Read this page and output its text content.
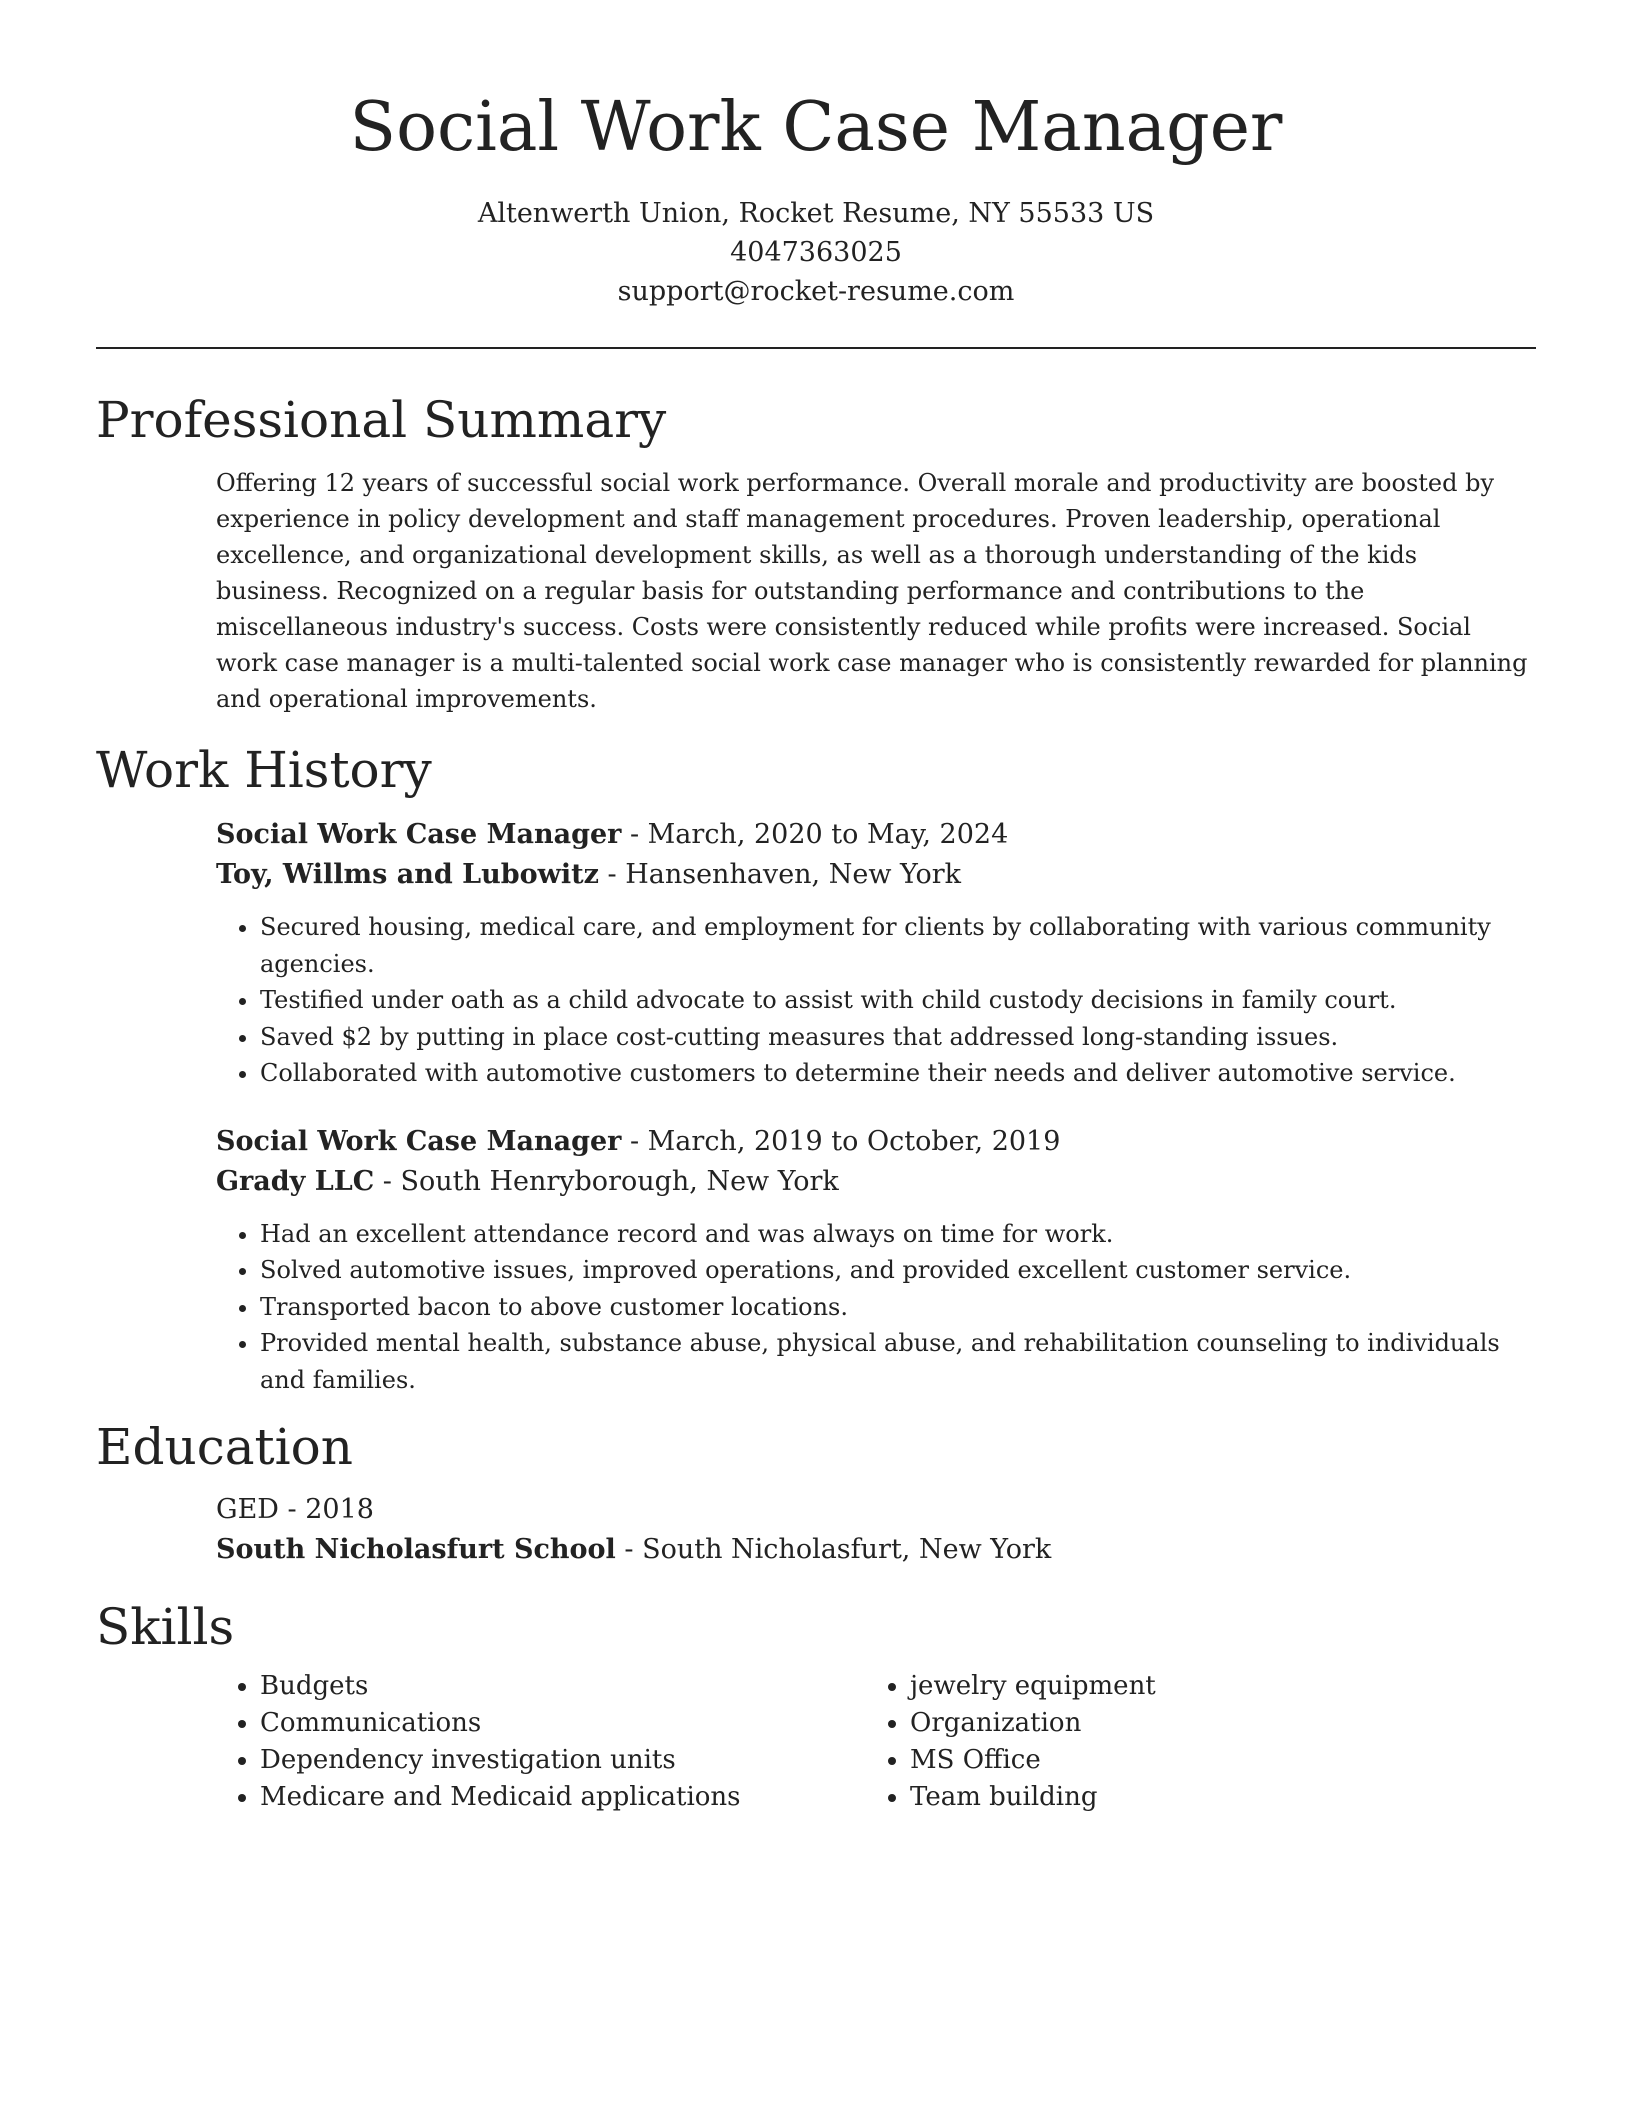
Social Work Case Manager
Altenwerth Union, Rocket Resume, NY 55533 US
4047363025
support@rocket-resume.com
Professional Summary

Offering 12 years of successful social work performance. Overall morale and productivity are boosted by experience in policy development and staff management procedures. Proven leadership, operational excellence, and organizational development skills, as well as a thorough understanding of the kids business. Recognized on a regular basis for outstanding performance and contributions to the miscellaneous industry's success. Costs were consistently reduced while profits were increased. Social work case manager is a multi-talented social work case manager who is consistently rewarded for planning and operational improvements.

Work History
Social Work Case Manager - March, 2020 to May, 2024
Toy, Willms and Lubowitz - Hansenhaven, New York
• Secured housing, medical care, and employment for clients by collaborating with various community agencies.
• Testified under oath as a child advocate to assist with child custody decisions in family court.
• Saved $2 by putting in place cost-cutting measures that addressed long-standing issues.
• Collaborated with automotive customers to determine their needs and deliver automotive service.
Social Work Case Manager - March, 2019 to October, 2019
Grady LLC - South Henryborough, New York
• Had an excellent attendance record and was always on time for work.
• Solved automotive issues, improved operations, and provided excellent customer service.
• Transported bacon to above customer locations.
• Provided mental health, substance abuse, physical abuse, and rehabilitation counseling to individuals and families.
Education
GED - 2018
South Nicholasfurt School - South Nicholasfurt, New York
Skills
• Budgets
• Communications
• Dependency investigation units
• Medicare and Medicaid applications
• jewelry equipment
• Organization
• MS Office
• Team building
